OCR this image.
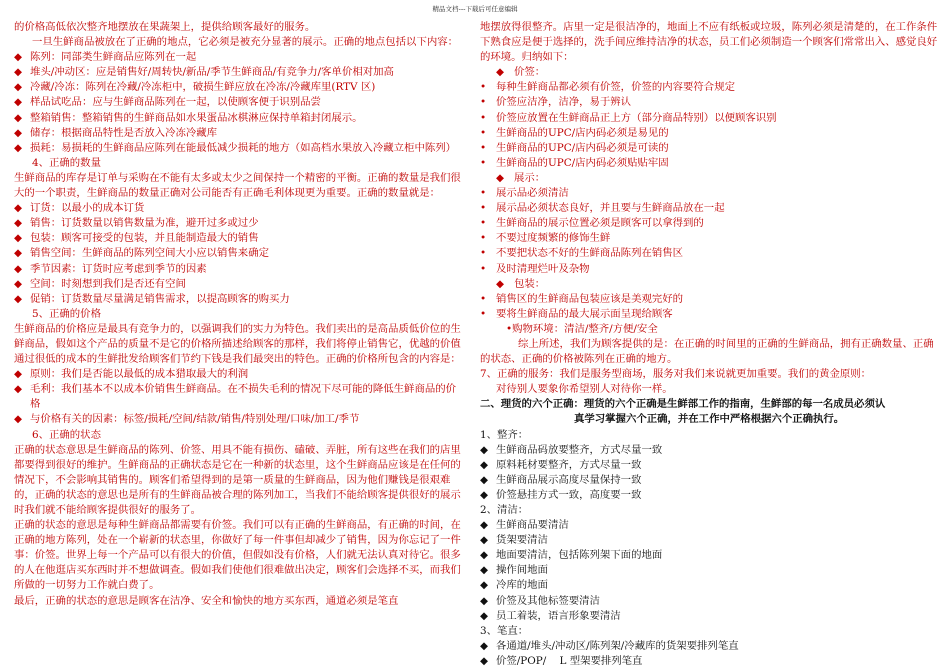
精品文档---下载后可任意编辑

的价格高低依次整齐地摆放在果蔬架上，提供给顾客最好的服务。

一旦生鲜商品被放在了正确的地点，它必须是被充分显著的展示。正确的地点包括以下内容：

◆ 陈列：同部类生鲜商品应陈列在一起
◆ 堆头/冲动区：应是销售好/周转快/新品/季节生鲜商品/有竞争力/客单价相对加高
◆ 冷藏/冷冻：陈列在冷藏/冷冻柜中，破损生鲜应放在冷冻/冷藏库里(RTV 区)
◆ 样品试吃品：应与生鲜商品陈列在一起，以使顾客便于识别品尝
◆ 整箱销售：整箱销售的生鲜商品如水果蛋品冰棋淋应保持单箱封闭展示。
◆ 储存：根据商品特性是否放入冷冻冷藏库
◆ 损耗：易损耗的生鲜商品应陈列在能最低减少损耗的地方（如高档水果放入冷藏立柜中陈列）

4、正确的数量

生鲜商品的库存是订单与采购在不能有太多或太少之间保持一个精密的平衡。正确的数量是我们很大的一个职责，生鲜商品的数量正确对公司能否有正确毛利体现更为重要。正确的数量就是：

◆ 订货：以最小的成本订货
◆ 销售：订货数量以销售数量为准，避开过多或过少
◆ 包装：顾客可接受的包装，并且能制造最大的销售
◆ 销售空间：生鲜商品的陈列空间大小应以销售来确定
◆ 季节因素：订货时应考虑到季节的因素
◆ 空间：时刻想到我们是否还有空间
◆ 促销：订货数量尽量满足销售需求，以提高顾客的购买力

5、正确的价格

生鲜商品的价格应是最具有竞争力的，以强调我们的实力为特色。我们卖出的是高品质低价位的生鲜商品，假如这个产品的质量不是它的价格所描述给顾客的那样，我们将停止销售它，优越的价值通过很低的成本的生鲜批发给顾客们节约下钱是我们最突出的特色。正确的价格所包含的内容是：

◆ 原则：我们是否能以最低的成本猎取最大的利润
◆ 毛利：我们基本不以成本价销售生鲜商品。在不损失毛利的情况下尽可能的降低生鲜商品的价格
◆ 与价格有关的因素：标签/损耗/空间/结款/销售/特别处理/口味/加工/季节

6、正确的状态

正确的状态意思是生鲜商品的陈列、价签、用具不能有损伤、磕破、弄脏，所有这些在我们的店里都要得到很好的维护。生鲜商品的正确状态是它在一种新的状态里，这个生鲜商品应该是在任何的情况下，不会影响其销售的。顾客们希望得到的是第一质量的生鲜商品，因为他们赚钱是很艰难的，正确的状态的意思也是所有的生鲜商品被合理的陈列加工，当我们不能给顾客提供很好的展示时我们就不能给顾客提供很好的服务了。

正确的状态的意思是每种生鲜商品都需要有价签。我们可以有正确的生鲜商品，有正确的时间，在正确的地方陈列，处在一个崭新的状态里，你做好了每一件事但却减少了销售，因为你忘记了一件事：价签。世界上每一个产品可以有很大的价值，但假如没有价格，人们就无法认真对待它。很多的人在他逛店买东西时并不想做调查。假如我们使他们很难做出决定，顾客们会选择不买，而我们所做的一切努力工作就白费了。

最后，正确的状态的意思是顾客在洁净、安全和愉快的地方买东西，通道必须是笔直

地摆放得很整齐。店里一定是很洁净的，地面上不应有纸板或垃圾，陈列必须是清楚的，在工作条件下熟食应是便于选择的，洗手间应维持洁净的状态，员工们必须制造一个顾客们常常出入、感觉良好的环境。归纳如下：

◆ 价签：
• 每种生鲜商品都必须有价签，价签的内容要符合规定
• 价签应洁净，洁净，易于辨认
• 价签应放置在生鲜商品正上方（部分商品特别）以便顾客识别
• 生鲜商品的UPC/店内码必须是易见的
• 生鲜商品的UPC/店内码必须是可读的
• 生鲜商品的UPC/店内码必须贴贴牢固
◆ 展示：
• 展示品必须清洁
• 展示品必须状态良好，并且要与生鲜商品放在一起
• 生鲜商品的展示位置必须是顾客可以拿得到的
• 不要过度频繁的修饰生鲜
• 不要把状态不好的生鲜商品陈列在销售区
• 及时清理烂叶及杂物
◆ 包装：
• 销售区的生鲜商品包装应该是美观完好的
• 要将生鲜商品的最大展示面呈现给顾客

•购物环境：清洁/整齐/方便/安全

综上所述，我们为顾客提供的是：在正确的时间里的正确的生鲜商品，拥有正确数量、正确的状态、正确的价格被陈列在正确的地方。

7、正确的服务：我们是服务型商场，服务对我们来说就更加重要。我们的黄金原则：

对待别人要象你希望别人对待你一样。

二、理货的六个正确：理货的六个正确是生鲜部工作的指南，生鲜部的每一名成员必须认

真学习掌握六个正确，并在工作中严格根据六个正确执行。

1、整齐：

◆ 生鲜商品码放要整齐，方式尽量一致
◆ 原料耗材要整齐，方式尽量一致
◆ 生鲜商品展示高度尽量保持一致
◆ 价签悬挂方式一致，高度要一致

2、清洁：

◆ 生鲜商品要清洁
◆ 货架要清洁
◆ 地面要清洁，包括陈列架下面的地面
◆ 操作间地面
◆ 冷库的地面
◆ 价签及其他标签要清洁
◆ 员工着装，语言形象要清洁

3、笔直：

◆ 各通道/堆头/冲动区/陈列架/冷藏库的货架要排列笔直
◆ 价签/POP/    L 型架要排列笔直
